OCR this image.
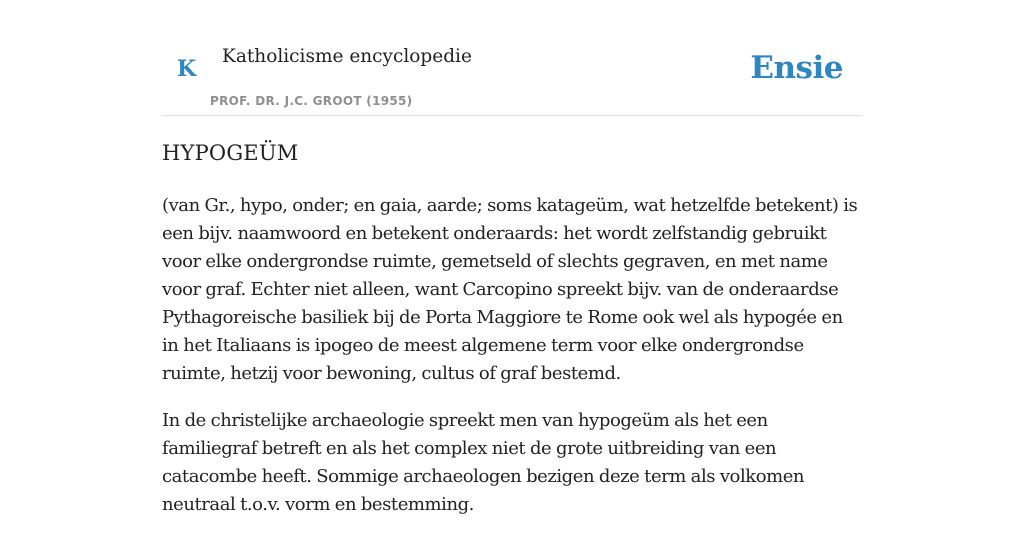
K Katholicisme encyclopedie
PROF. DR. J.C. GROOT (1955)
Ensie
HYPOGEÜM

(van Gr., hypo, onder; en gaia, aarde; soms katageüm, wat hetzelfde betekent) is een bijv. naamwoord en betekent onderaards: het wordt zelfstandig gebruikt voor elke ondergrondse ruimte, gemetseld of slechts gegraven, en met name voor graf. Echter niet alleen, want Carcopino spreekt bijv. van de onderaardse Pythagoreische basiliek bij de Porta Maggiore te Rome ook wel als hypogée en in het Italiaans is ipogeo de meest algemene term voor elke ondergrondse ruimte, hetzij voor bewoning, cultus of graf bestemd.

In de christelijke archaeologie spreekt men van hypogeüm als het een familiegraf betreft en als het complex niet de grote uitbreiding van een catacombe heeft. Sommige archaeologen bezigen deze term als volkomen neutraal t.o.v. vorm en bestemming.
